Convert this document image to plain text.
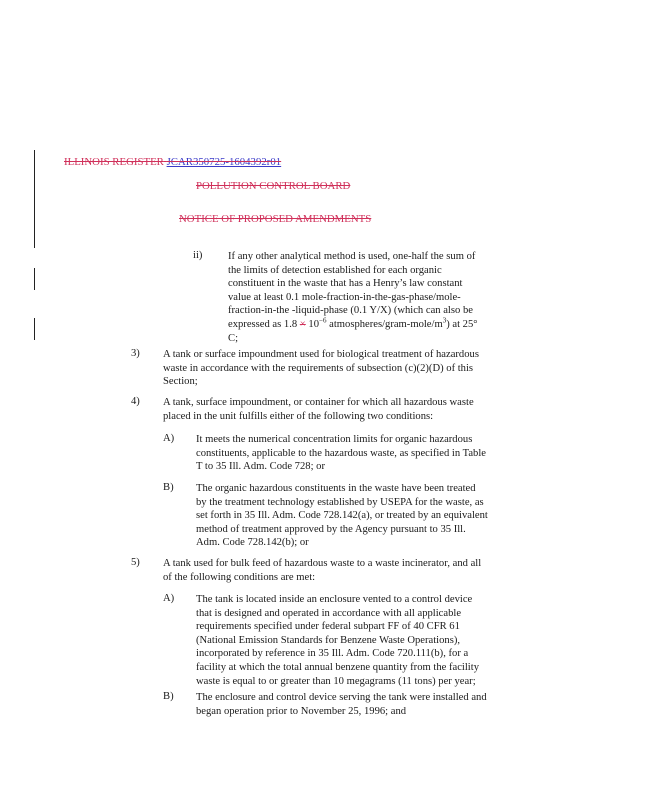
ILLINOIS REGISTER JCAR350725-1604392r01
POLLUTION CONTROL BOARD
NOTICE OF PROPOSED AMENDMENTS
ii) If any other analytical method is used, one-half the sum of the limits of detection established for each organic constituent in the waste that has a Henry’s law constant value at least 0.1 mole-fraction-in-the-gas-phase/mole-fraction-in-the -liquid-phase (0.1 Y/X) (which can also be expressed as $1.8 \times 10^{-6}$ atmospheres/$gram-mole/m^3$) at 25° C;
3) A tank or surface impoundment used for biological treatment of hazardous waste in accordance with the requirements of subsection (c)(2)(D) of this Section;
4) A tank, surface impoundment, or container for which all hazardous waste placed in the unit fulfills either of the following two conditions:
A) It meets the numerical concentration limits for organic hazardous constituents, applicable to the hazardous waste, as specified in Table T to 35 Ill. Adm. Code 728; or
B) The organic hazardous constituents in the waste have been treated by the treatment technology established by USEPA for the waste, as set forth in 35 Ill. Adm. Code 728.142(a), or treated by an equivalent method of treatment approved by the Agency pursuant to 35 Ill. Adm. Code 728.142(b); or
5) A tank used for bulk feed of hazardous waste to a waste incinerator, and all of the following conditions are met:
A) The tank is located inside an enclosure vented to a control device that is designed and operated in accordance with all applicable requirements specified under federal subpart FF of 40 CFR 61 (National Emission Standards for Benzene Waste Operations), incorporated by reference in 35 Ill. Adm. Code 720.111(b), for a facility at which the total annual benzene quantity from the facility waste is equal to or greater than 10 megagrams (11 tons) per year;
B) The enclosure and control device serving the tank were installed and began operation prior to November 25, 1996; and
